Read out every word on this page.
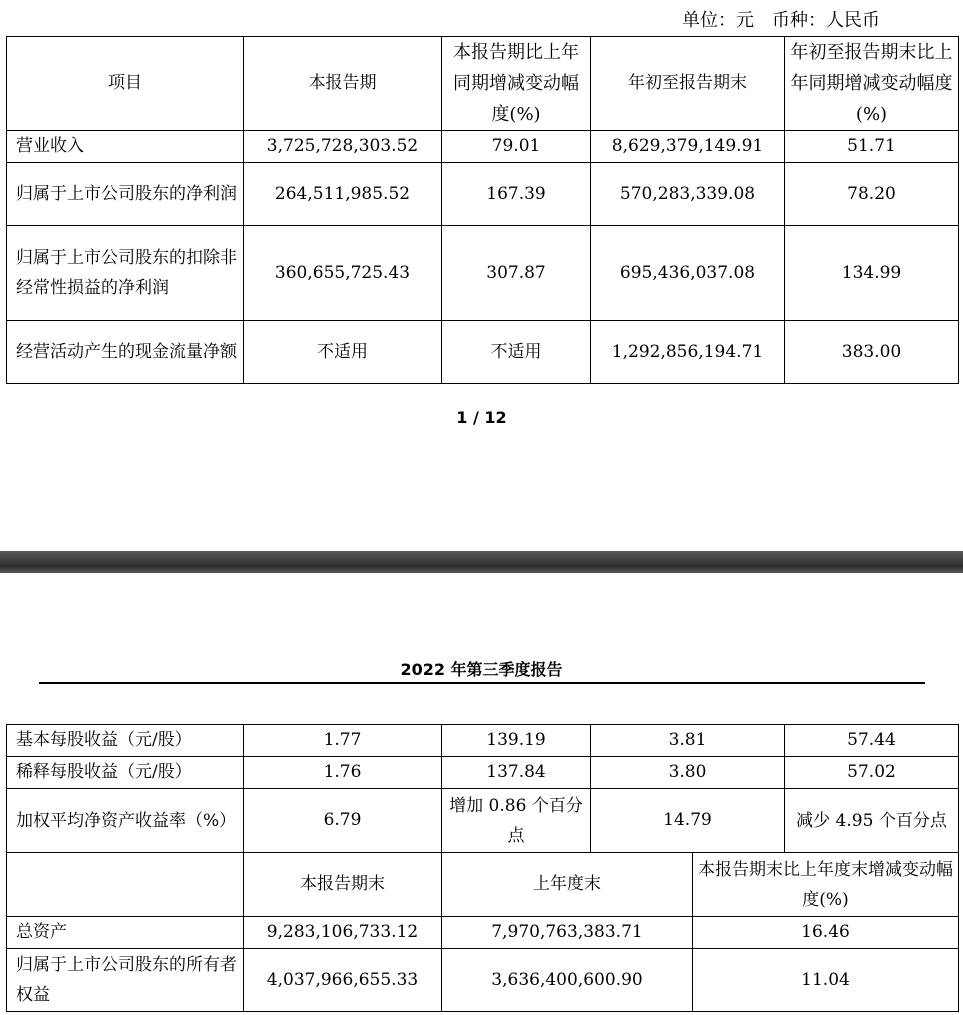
单位：元　币种：人民币
项目	本报告期	本报告期比上年同期增减变动幅度(%)	年初至报告期末	年初至报告期末比上年同期增减变动幅度(%)
营业收入	3,725,728,303.52	79.01	8,629,379,149.91	51.71
归属于上市公司股东的净利润	264,511,985.52	167.39	570,283,339.08	78.20
归属于上市公司股东的扣除非经常性损益的净利润	360,655,725.43	307.87	695,436,037.08	134.99
经营活动产生的现金流量净额	不适用	不适用	1,292,856,194.71	383.00
1 / 12
2022 年第三季度报告
基本每股收益（元/股）	1.77	139.19	3.81		57.44
稀释每股收益（元/股）	1.76	137.84	3.80		57.02
加权平均净资产收益率（%）	6.79	增加 0.86 个百分点	14.79		减少 4.95 个百分点
	本报告期末	上年度末		本报告期末比上年度末增减变动幅度(%)	
总资产	9,283,106,733.12	7,970,763,383.71		16.46	
归属于上市公司股东的所有者权益	4,037,966,655.33	3,636,400,600.90		11.04	
